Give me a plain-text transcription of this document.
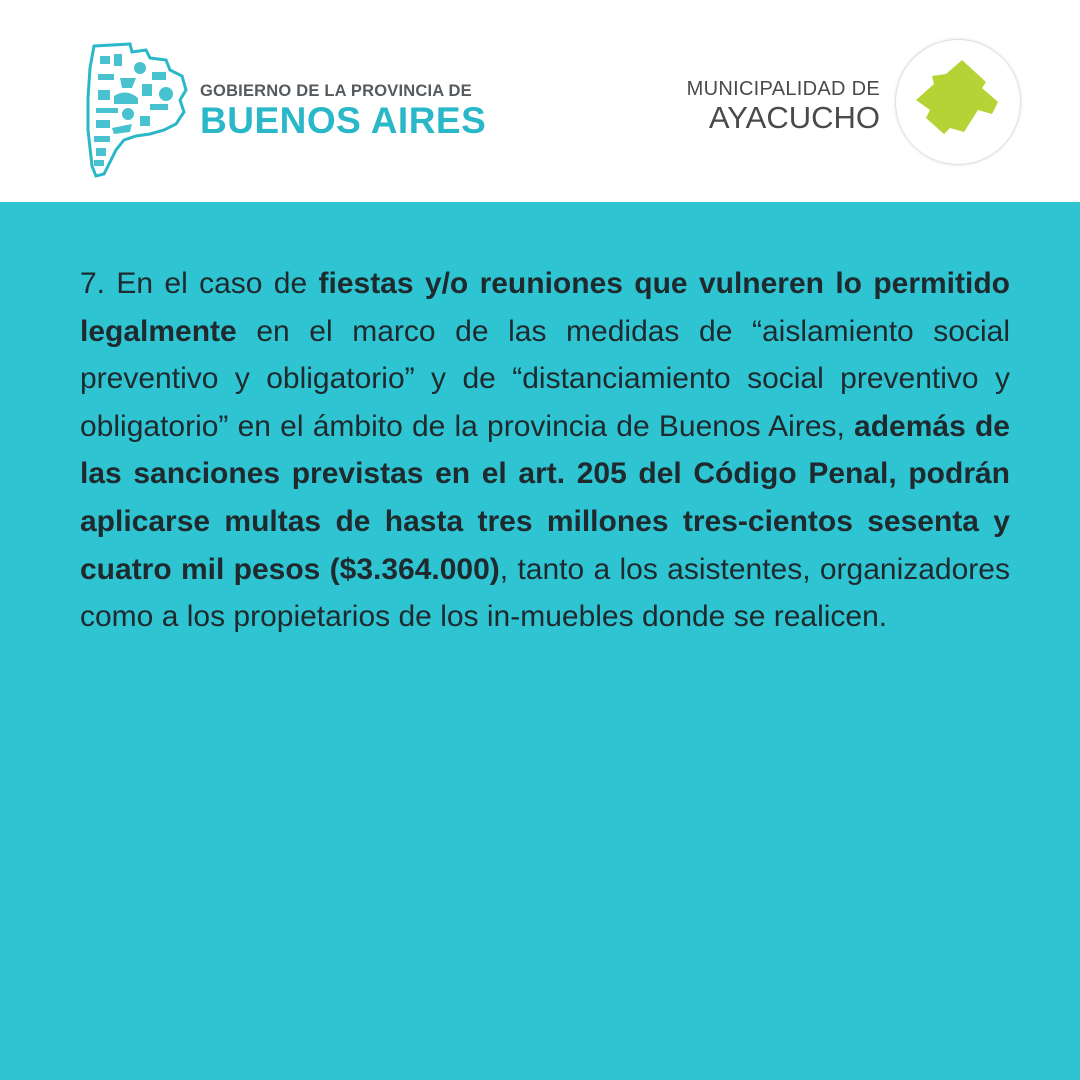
GOBIERNO DE LA PROVINCIA DE
BUENOS AIRES
MUNICIPALIDAD DE
AYACUCHO
7. En el caso de fiestas y/o reuniones que vulneren lo permitido legalmente en el marco de las medidas de “aislamiento social preventivo y obligatorio” y de “distanciamiento social preventivo y obligatorio” en el ámbito de la provincia de Buenos Aires, además de las sanciones previstas en el art. 205 del Código Penal, podrán aplicarse multas de hasta tres millones tres-cientos sesenta y cuatro mil pesos ($3.364.000), tanto a los asistentes, organizadores como a los propietarios de los in-muebles donde se realicen.
